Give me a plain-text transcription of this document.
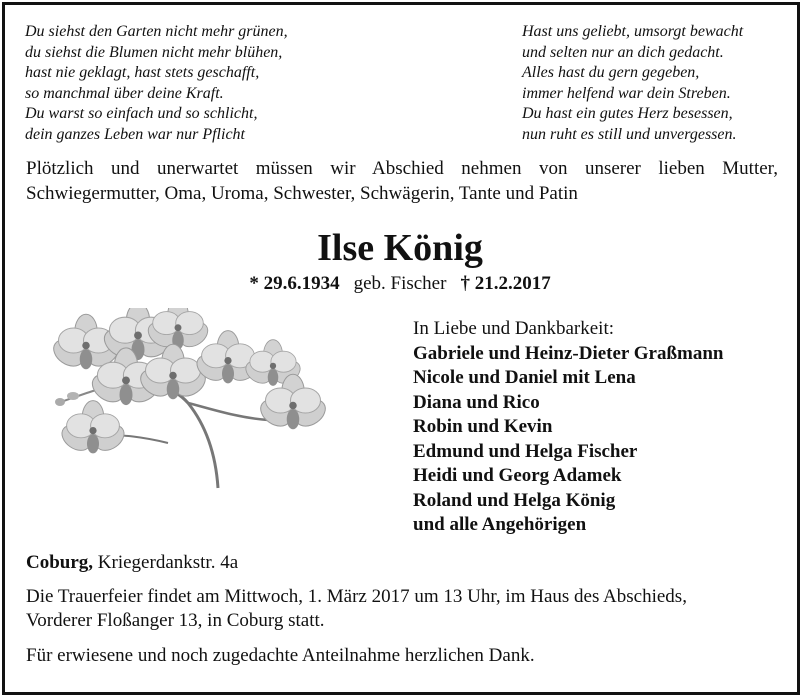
Du siehst den Garten nicht mehr grünen,
du siehst die Blumen nicht mehr blühen,
hast nie geklagt, hast stets geschafft,
so manchmal über deine Kraft.
Du warst so einfach und so schlicht,
dein ganzes Leben war nur Pflicht
Hast uns geliebt, umsorgt bewacht
und selten nur an dich gedacht.
Alles hast du gern gegeben,
immer helfend war dein Streben.
Du hast ein gutes Herz besessen,
nun ruht es still und unvergessen.
Plötzlich und unerwartet müssen wir Abschied nehmen von unserer lieben Mutter,
Schwiegermutter, Oma, Uroma, Schwester, Schwägerin, Tante und Patin
Ilse König
* 29.6.1934 geb. Fischer † 21.2.2017
In Liebe und Dankbarkeit:
Gabriele und Heinz-Dieter Graßmann
Nicole und Daniel mit Lena
Diana und Rico
Robin und Kevin
Edmund und Helga Fischer
Heidi und Georg Adamek
Roland und Helga König
und alle Angehörigen
Coburg, Kriegerdankstr. 4a
Die Trauerfeier findet am Mittwoch, 1. März 2017 um 13 Uhr, im Haus des Abschieds,
Vorderer Floßanger 13, in Coburg statt.
Für erwiesene und noch zugedachte Anteilnahme herzlichen Dank.
